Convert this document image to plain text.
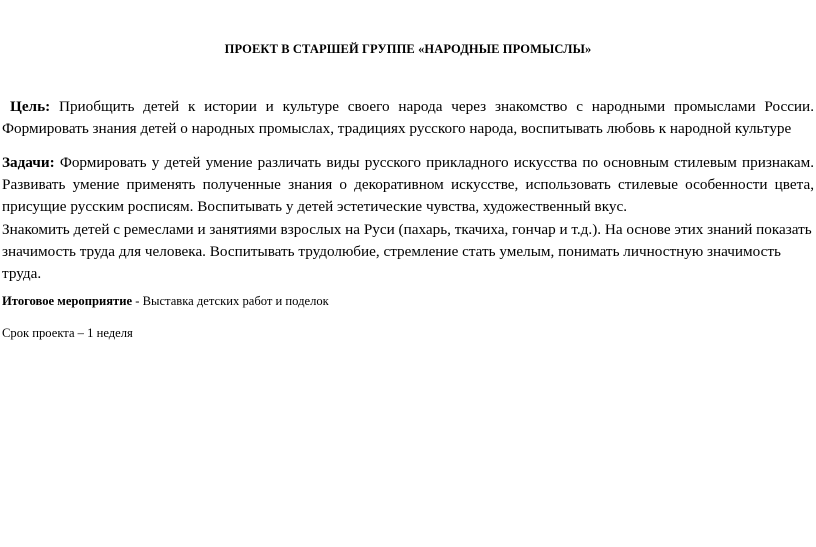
ПРОЕКТ В СТАРШЕЙ ГРУППЕ «НАРОДНЫЕ ПРОМЫСЛЫ»

Цель: Приобщить детей к истории и культуре своего народа через знакомство с народными промыслами России. Формировать знания детей о народных промыслах, традициях русского народа, воспитывать любовь к народной культуре

Задачи: Формировать у детей умение различать виды русского прикладного искусства по основным стилевым признакам. Развивать умение применять полученные знания о декоративном искусстве, использовать стилевые особенности цвета, присущие русским росписям. Воспитывать у детей эстетические чувства, художественный вкус.

Знакомить детей с ремеслами и занятиями взрослых на Руси (пахарь, ткачиха, гончар и т.д.). На основе этих знаний показать значимость труда для человека. Воспитывать трудолюбие, стремление стать умелым, понимать личностную значимость труда.

Итоговое мероприятие - Выставка детских работ и поделок

Срок проекта – 1 неделя
